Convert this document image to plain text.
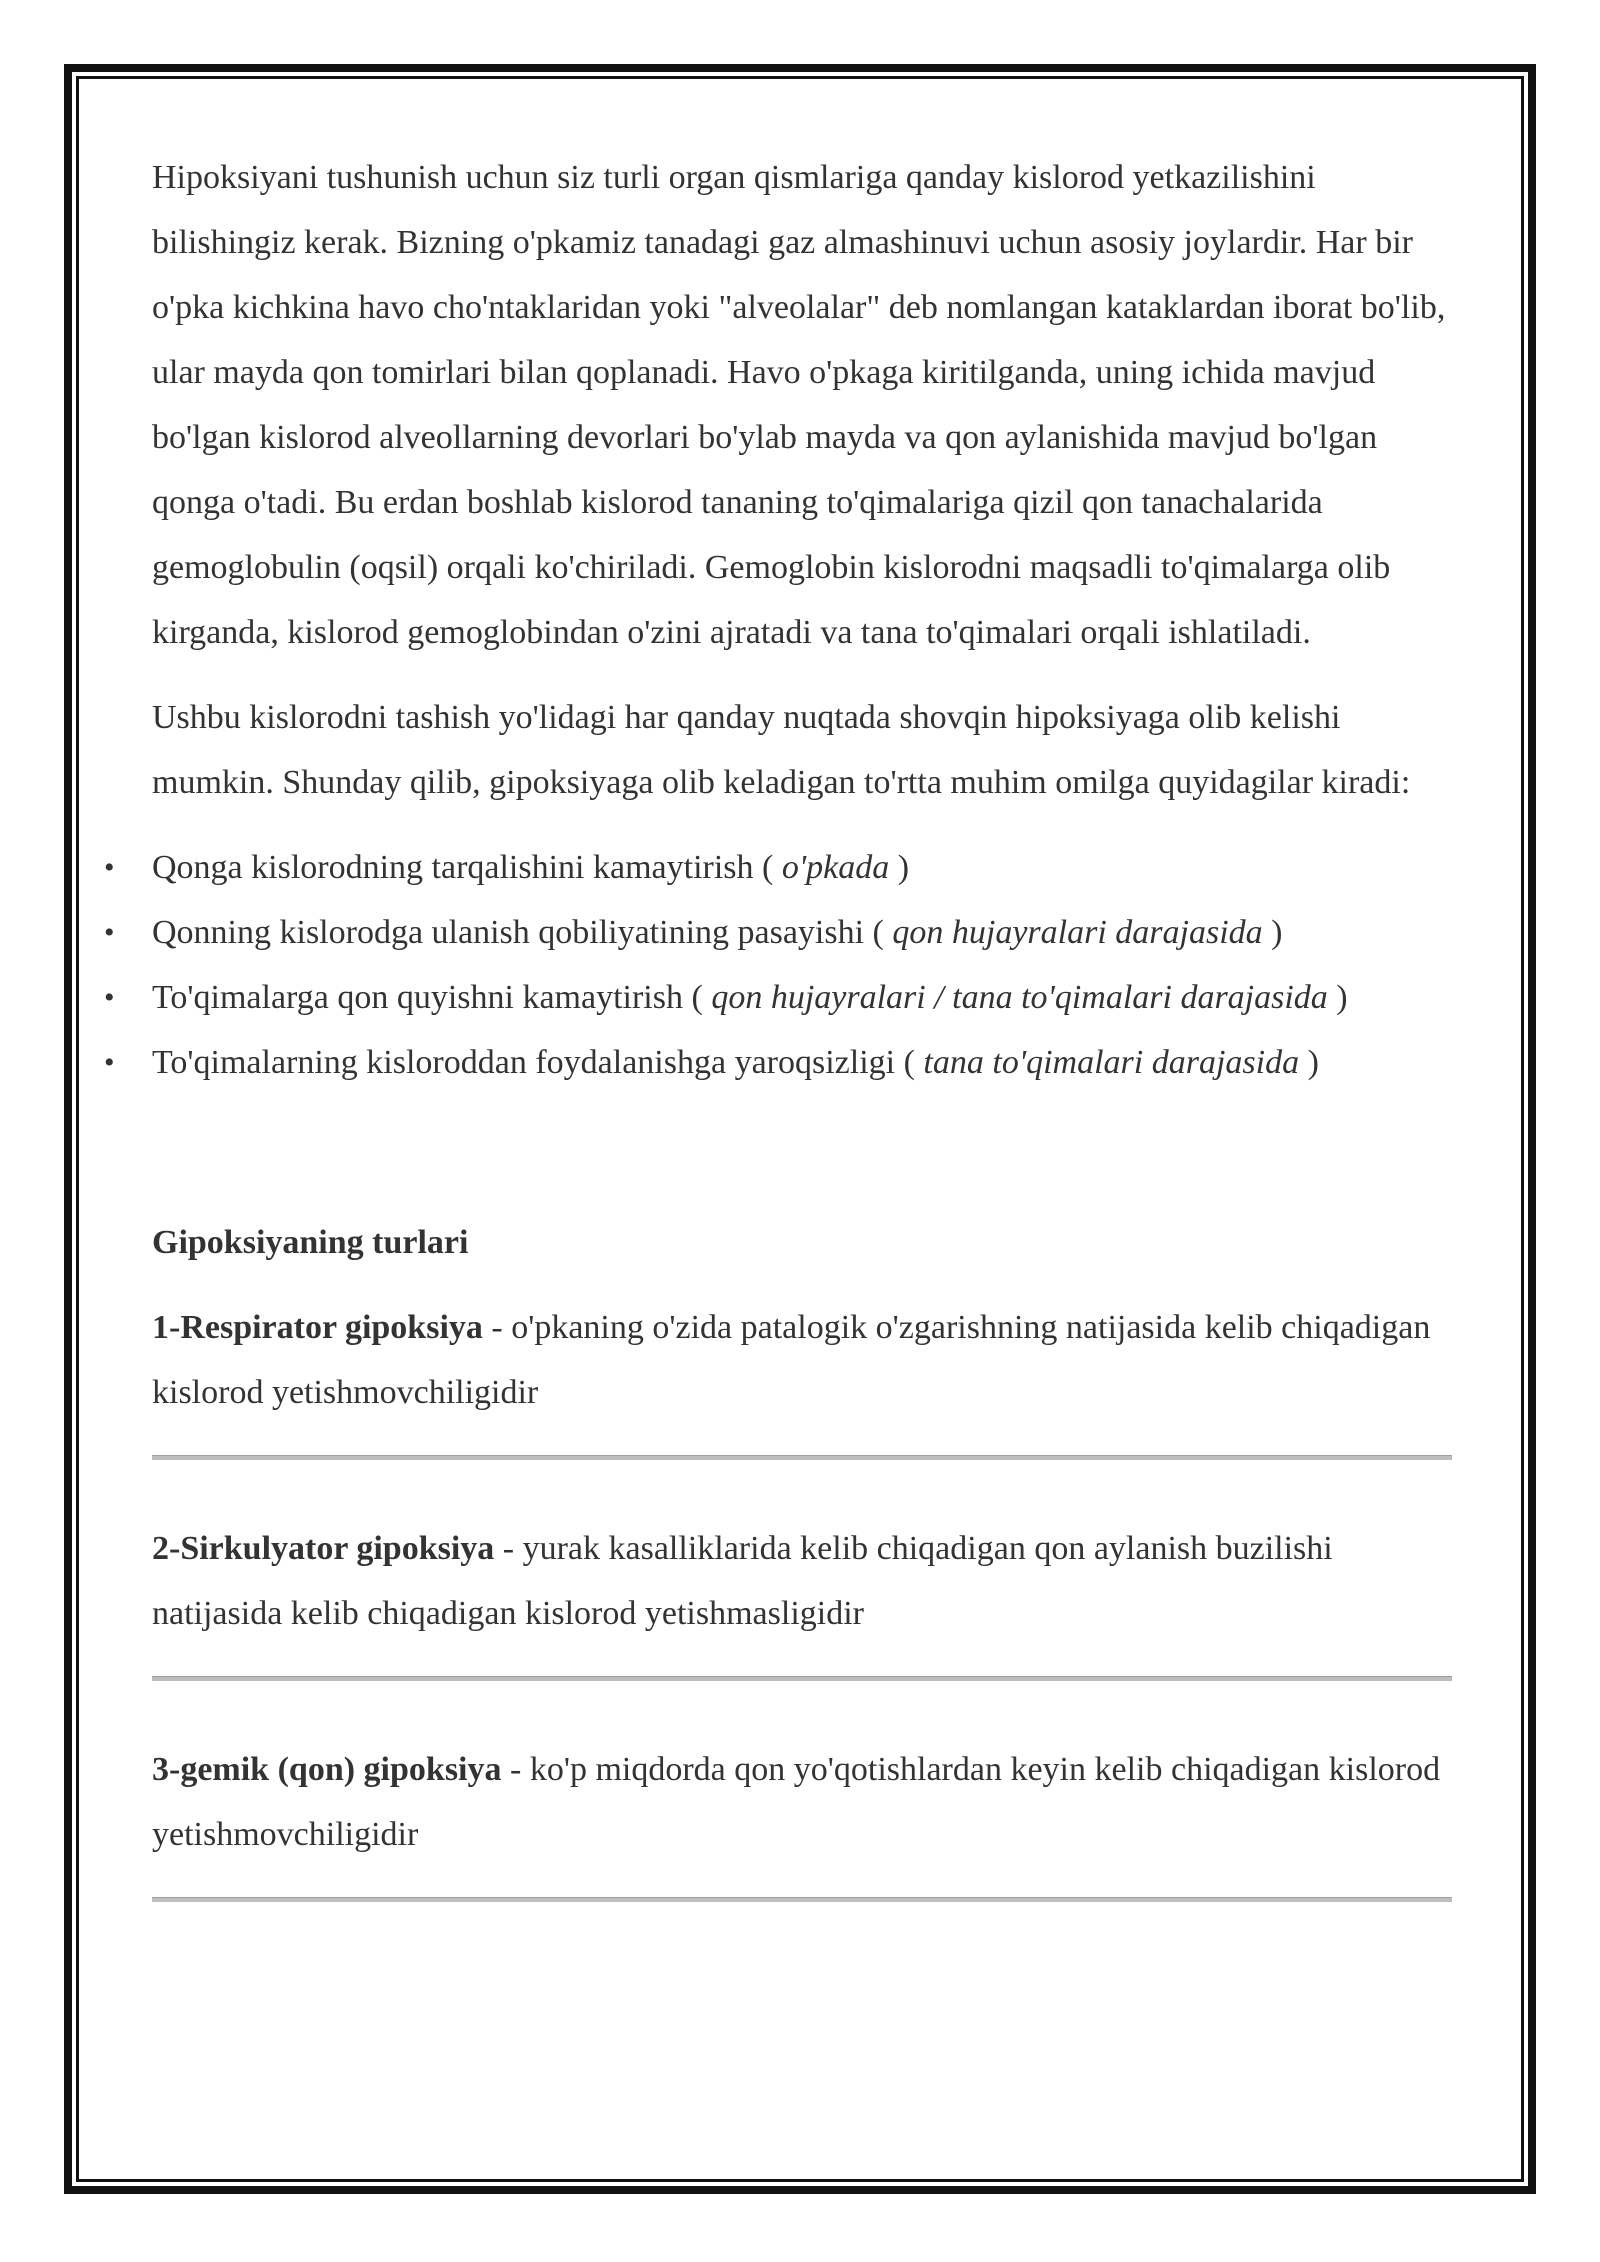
Hipoksiyani tushunish uchun siz turli organ qismlariga qanday kislorod yetkazilishini bilishingiz kerak. Bizning o'pkamiz tanadagi gaz almashinuvi uchun asosiy joylardir. Har bir o'pka kichkina havo cho'ntaklaridan yoki "alveolalar" deb nomlangan kataklardan iborat bo'lib, ular mayda qon tomirlari bilan qoplanadi. Havo o'pkaga kiritilganda, uning ichida mavjud bo'lgan kislorod alveollarning devorlari bo'ylab mayda va qon aylanishida mavjud bo'lgan qonga o'tadi. Bu erdan boshlab kislorod tananing to'qimalariga qizil qon tanachalarida gemoglobulin (oqsil) orqali ko'chiriladi. Gemoglobin kislorodni maqsadli to'qimalarga olib kirganda, kislorod gemoglobindan o'zini ajratadi va tana to'qimalari orqali ishlatiladi.

Ushbu kislorodni tashish yo'lidagi har qanday nuqtada shovqin hipoksiyaga olib kelishi mumkin. Shunday qilib, gipoksiyaga olib keladigan to'rtta muhim omilga quyidagilar kiradi:

• Qonga kislorodning tarqalishini kamaytirish ( o'pkada )
• Qonning kislorodga ulanish qobiliyatining pasayishi ( qon hujayralari darajasida )
• To'qimalarga qon quyishni kamaytirish ( qon hujayralari / tana to'qimalari darajasida )
• To'qimalarning kisloroddan foydalanishga yaroqsizligi ( tana to'qimalari darajasida )
Gipoksiyaning turlari

1-Respirator gipoksiya - o'pkaning o'zida patalogik o'zgarishning natijasida kelib chiqadigan kislorod yetishmovchiligidir

2-Sirkulyator gipoksiya - yurak kasalliklarida kelib chiqadigan qon aylanish buzilishi natijasida kelib chiqadigan kislorod yetishmasligidir

3-gemik (qon) gipoksiya - ko'p miqdorda qon yo'qotishlardan keyin kelib chiqadigan kislorod yetishmovchiligidir
